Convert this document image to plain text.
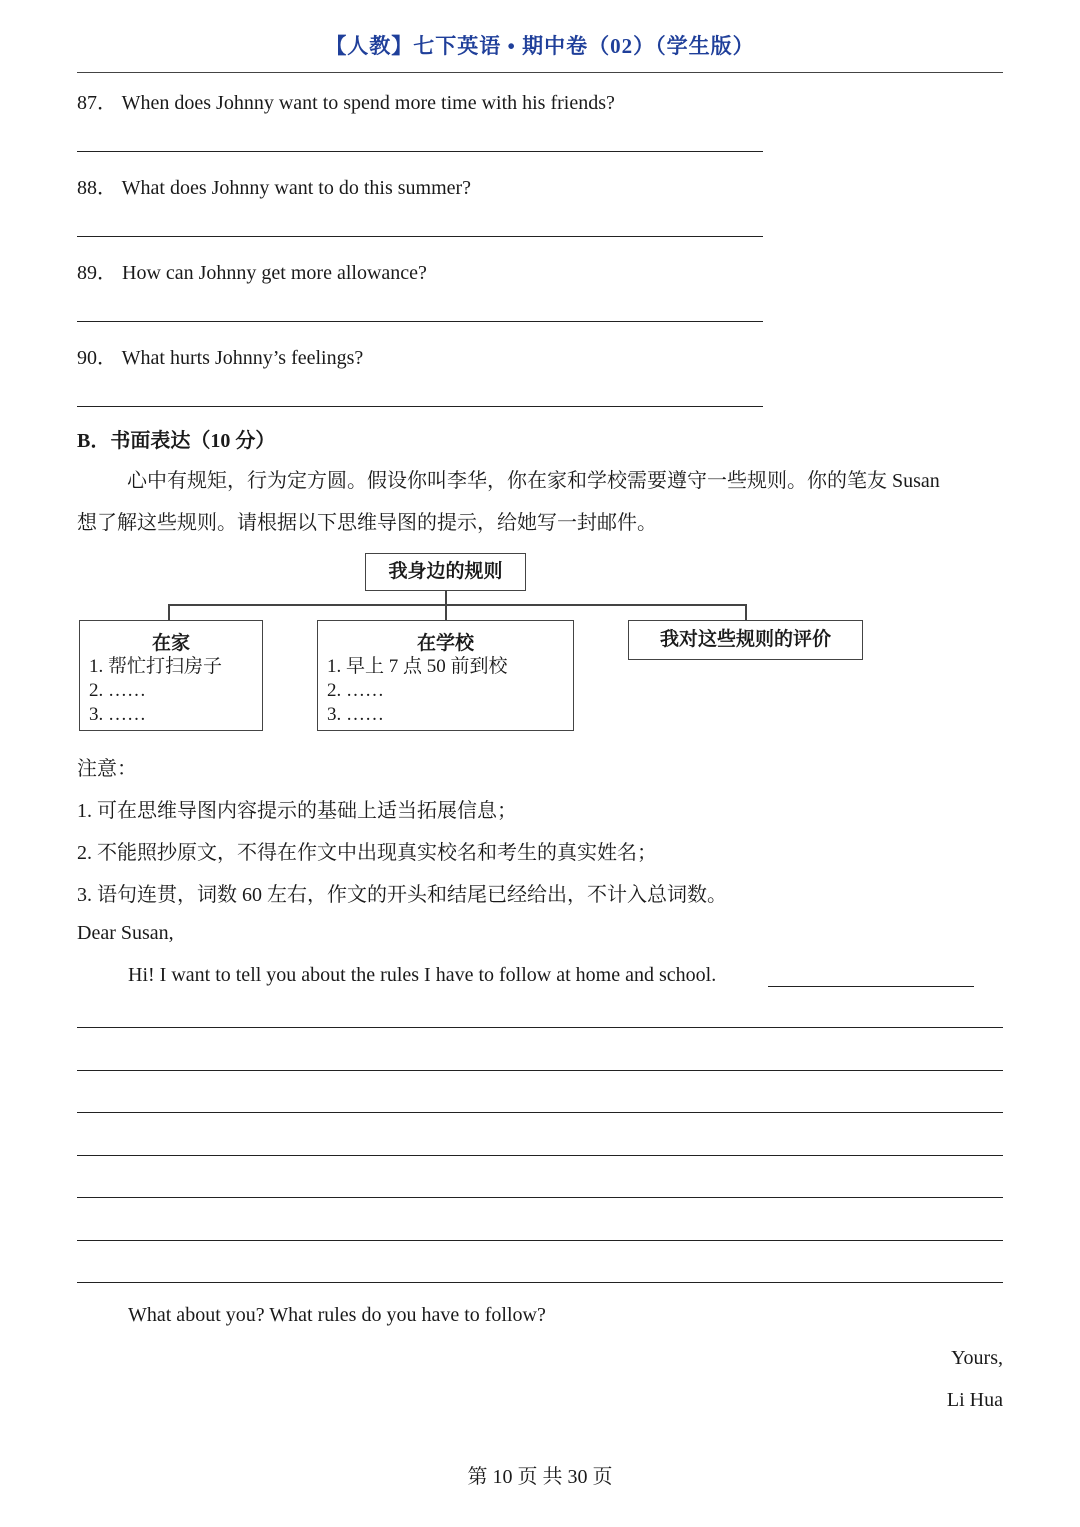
【人教】七下英语 • 期中卷（02）（学生版）
87． When does Johnny want to spend more time with his friends?
88． What does Johnny want to do this summer?
89． How can Johnny get more allowance?
90． What hurts Johnny’s feelings?
B．书面表达（10 分）
心中有规矩，行为定方圆。假设你叫李华，你在家和学校需要遵守一些规则。你的笔友 Susan
想了解这些规则。请根据以下思维导图的提示，给她写一封邮件。
我身边的规则
在家
1. 帮忙打扫房子
2. ……
3. ……
在学校
1. 早上 7 点 50 前到校
2. ……
3. ……
我对这些规则的评价
注意：
1. 可在思维导图内容提示的基础上适当拓展信息；
2. 不能照抄原文，不得在作文中出现真实校名和考生的真实姓名；
3. 语句连贯，词数 60 左右，作文的开头和结尾已经给出，不计入总词数。
Dear Susan,
Hi! I want to tell you about the rules I have to follow at home and school.
What about you? What rules do you have to follow?
Yours,
Li Hua
第 10 页 共 30 页
